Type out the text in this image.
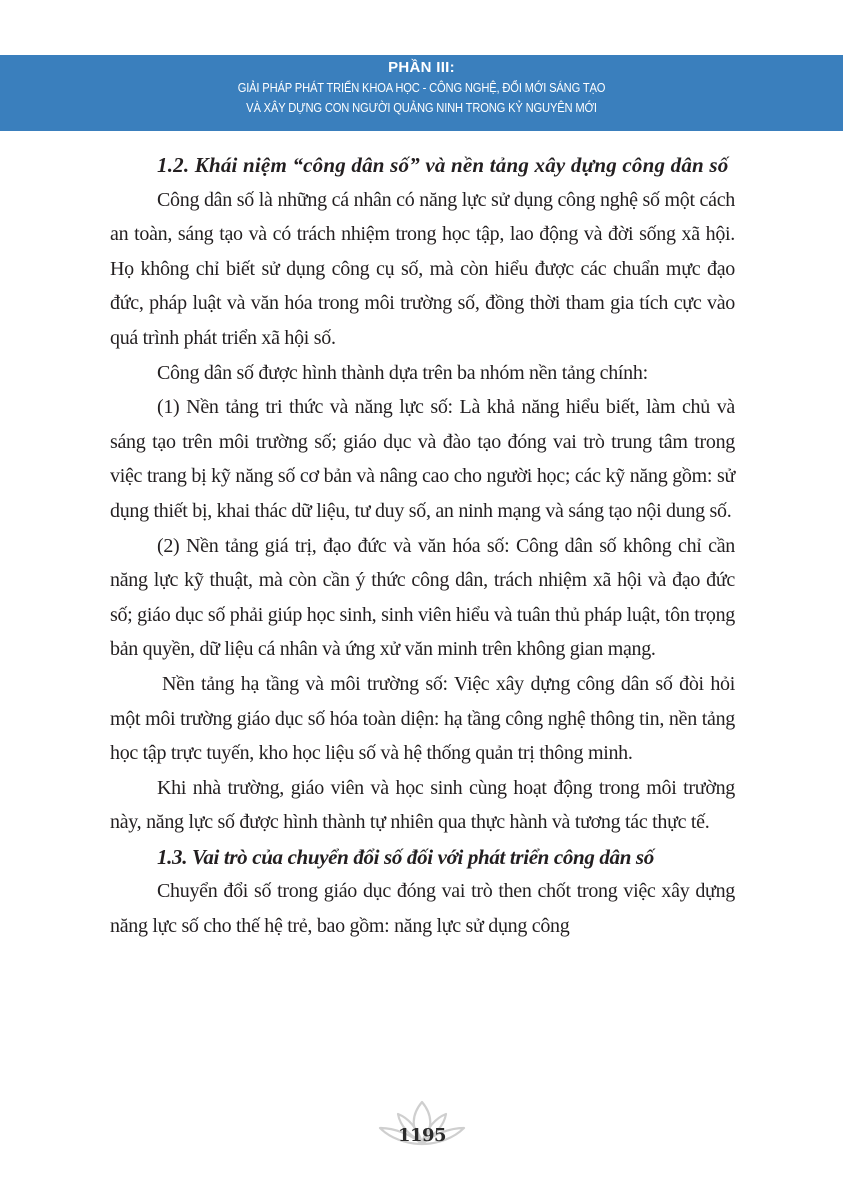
PHẦN III:
GIẢI PHÁP PHÁT TRIỂN KHOA HỌC - CÔNG NGHỆ, ĐỔI MỚI SÁNG TẠO
VÀ XÂY DỰNG CON NGƯỜI QUẢNG NINH TRONG KỶ NGUYÊN MỚI

1.2. Khái niệm “công dân số” và nền tảng xây dựng công dân số

Công dân số là những cá nhân có năng lực sử dụng công nghệ số một cách an toàn, sáng tạo và có trách nhiệm trong học tập, lao động và đời sống xã hội. Họ không chỉ biết sử dụng công cụ số, mà còn hiểu được các chuẩn mực đạo đức, pháp luật và văn hóa trong môi trường số, đồng thời tham gia tích cực vào quá trình phát triển xã hội số.

Công dân số được hình thành dựa trên ba nhóm nền tảng chính:

(1) Nền tảng tri thức và năng lực số: Là khả năng hiểu biết, làm chủ và sáng tạo trên môi trường số; giáo dục và đào tạo đóng vai trò trung tâm trong việc trang bị kỹ năng số cơ bản và nâng cao cho người học; các kỹ năng gồm: sử dụng thiết bị, khai thác dữ liệu, tư duy số, an ninh mạng và sáng tạo nội dung số.

(2) Nền tảng giá trị, đạo đức và văn hóa số: Công dân số không chỉ cần năng lực kỹ thuật, mà còn cần ý thức công dân, trách nhiệm xã hội và đạo đức số; giáo dục số phải giúp học sinh, sinh viên hiểu và tuân thủ pháp luật, tôn trọng bản quyền, dữ liệu cá nhân và ứng xử văn minh trên không gian mạng.

Nền tảng hạ tầng và môi trường số: Việc xây dựng công dân số đòi hỏi một môi trường giáo dục số hóa toàn diện: hạ tầng công nghệ thông tin, nền tảng học tập trực tuyến, kho học liệu số và hệ thống quản trị thông minh.

Khi nhà trường, giáo viên và học sinh cùng hoạt động trong môi trường này, năng lực số được hình thành tự nhiên qua thực hành và tương tác thực tế.

1.3. Vai trò của chuyển đổi số đối với phát triển công dân số

Chuyển đổi số trong giáo dục đóng vai trò then chốt trong việc xây dựng năng lực số cho thế hệ trẻ, bao gồm: năng lực sử dụng công

1195
